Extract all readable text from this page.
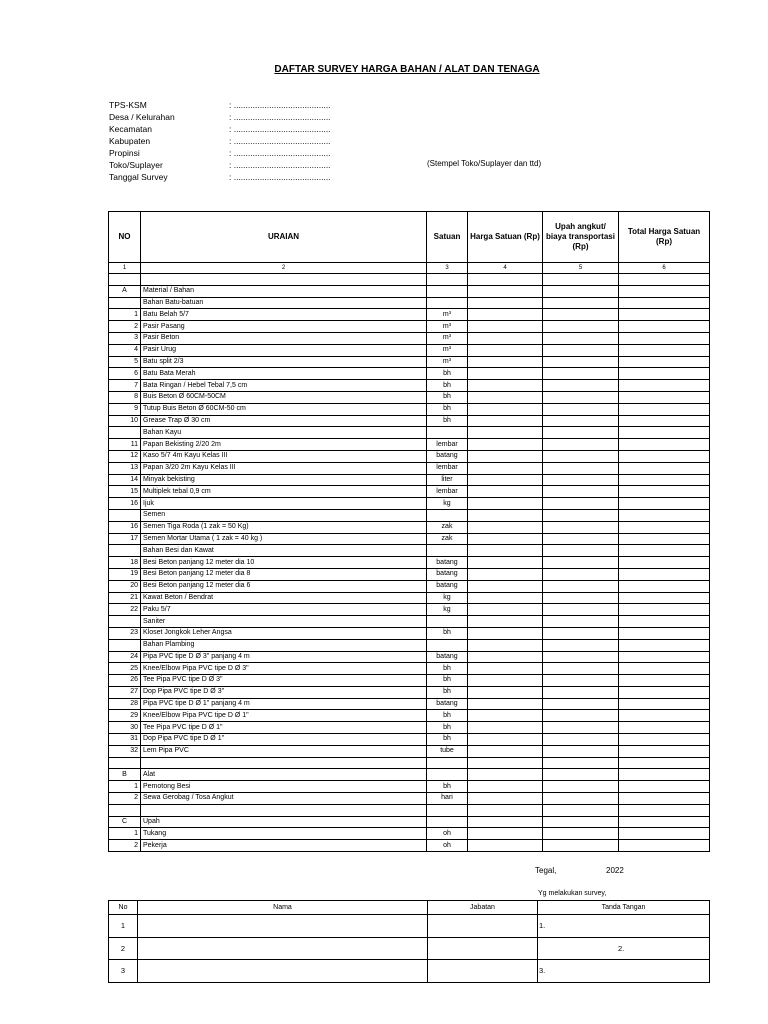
DAFTAR SURVEY HARGA BAHAN / ALAT DAN TENAGA
TPS-KSM	: .........................................
Desa / Kelurahan	: .........................................
Kecamatan	: .........................................
Kabupaten	: .........................................
Propinsi	: .........................................
Toko/Suplayer	: .........................................
Tanggal Survey	: .........................................
(Stempel Toko/Suplayer dan ttd)
NO	URAIAN	Satuan	Harga Satuan (Rp)	Upah angkut/ biaya transportasi (Rp)	Total Harga Satuan (Rp)
1	2	3	4	5	6

A	Material / Bahan				
	Bahan Batu-batuan				
1	Batu Belah 5/7	m³			
2	Pasir Pasang	m³			
3	Pasir Beton	m³			
4	Pasir Urug	m³			
5	Batu split 2/3	m³			
6	Batu Bata Merah	bh			
7	Bata Ringan / Hebel Tebal 7,5 cm	bh			
8	Buis Beton Ø 60CM-50CM	bh			
9	Tutup Buis Beton Ø 60CM-50 cm	bh			
10	Grease Trap Ø 30 cm	bh			
	Bahan Kayu				
11	Papan Bekisting 2/20 2m	lembar			
12	Kaso 5/7 4m Kayu Kelas III	batang			
13	Papan 3/20 2m Kayu Kelas III	lembar			
14	Minyak bekisting	liter			
15	Multiplek tebal 0,9 cm	lembar			
16	Ijuk	kg			
	Semen				
16	Semen Tiga Roda (1 zak = 50 Kg)	zak			
17	Semen Mortar Utama ( 1 zak = 40 kg )	zak			
	Bahan Besi dan Kawat				
18	Besi Beton panjang 12 meter dia 10	batang			
19	Besi Beton panjang 12 meter dia 8	batang			
20	Besi Beton panjang 12 meter dia 6	batang			
21	Kawat Beton / Bendrat	kg			
22	Paku 5/7	kg			
	Saniter				
23	Kloset Jongkok Leher Angsa	bh			
	Bahan Plambing				
24	Pipa PVC tipe D Ø 3" panjang 4 m	batang			
25	Knee/Elbow Pipa PVC tipe D Ø 3"	bh			
26	Tee Pipa PVC tipe D Ø 3"	bh			
27	Dop Pipa PVC tipe D Ø 3"	bh			
28	Pipa PVC tipe D Ø 1" panjang 4 m	batang			
29	Knee/Elbow Pipa PVC tipe D Ø 1"	bh			
30	Tee Pipa PVC tipe D Ø 1"	bh			
31	Dop Pipa PVC tipe D Ø 1"	bh			
32	Lem Pipa PVC	tube			

B	Alat				
1	Pemotong Besi	bh			
2	Sewa Gerobag / Tosa Angkut	hari			

C	Upah				
1	Tukang	oh			
2	Pekerja	oh			
Tegal,	2022
Yg melakukan survey,
No	Nama	Jabatan	Tanda Tangan
1			1.
2			2.
3			3.
